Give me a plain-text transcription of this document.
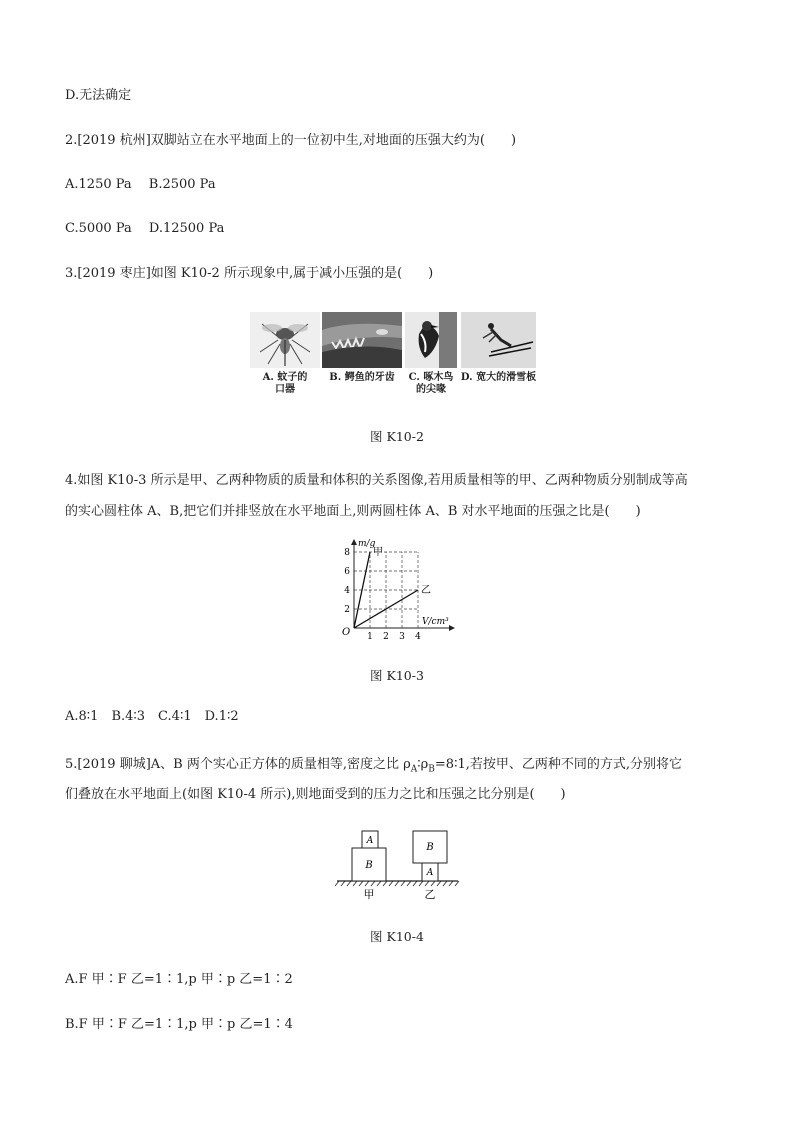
D.无法确定
2.[2019 杭州]双脚站立在水平地面上的一位初中生,对地面的压强大约为(　　)
A.1250 Pa　 B.2500 Pa
C.5000 Pa　 D.12500 Pa
3.[2019 枣庄]如图 K10-2 所示现象中,属于减小压强的是(　　)
A. 蚊子的
口器
B. 鳄鱼的牙齿	C. 啄木鸟
的尖喙
D. 宽大的滑雪板
图 K10-2
4.如图 K10-3 所示是甲、乙两种物质的质量和体积的关系图像,若用质量相等的甲、乙两种物质分别制成等高
的实心圆柱体 A、B,把它们并排竖放在水平地面上,则两圆柱体 A、B 对水平地面的压强之比是(　　)
甲
乙
2
4
6
8
1 2 3 4
m/g
V/cm³
O
图 K10-3
A.8∶1　B.4∶3　C.4∶1　D.1∶2
5.[2019 聊城]A、B 两个实心正方体的质量相等,密度之比 $\rho_A∶\rho_B=8∶1$,若按甲、乙两种不同的方式,分别将它
们叠放在水平地面上(如图 K10-4 所示),则地面受到的压力之比和压强之比分别是(　　)
A
B
甲
B
A
乙
图 K10-4
A.F 甲∶F 乙=1∶1,p 甲∶p 乙=1∶2
B.F 甲∶F 乙=1∶1,p 甲∶p 乙=1∶4
